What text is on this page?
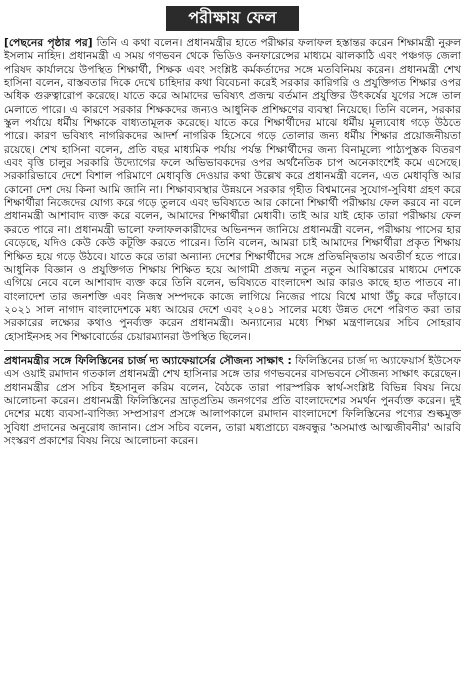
পরীক্ষায় ফেল

[পেছনের পৃষ্ঠার পর] তিনি এ কথা বলেন। প্রধানমন্ত্রীর হাতে পরীক্ষার ফলাফল হস্তান্তর করেন শিক্ষামন্ত্রী নুরুল ইসলাম নাহিদ। প্রধানমন্ত্রী এ সময় গণভবন থেকে ভিডিও কনফারেন্সের মাধ্যমে ঝালকাঠি এবং পঞ্চগড় জেলা পরিষদ কার্যালয়ে উপস্থিত শিক্ষার্থী, শিক্ষক এবং সংশ্লিষ্ট কর্মকর্তাদের সঙ্গে মতবিনিময় করেন। প্রধানমন্ত্রী শেখ হাসিনা বলেন, বাস্তবতার দিকে দেখে চাহিদার কথা বিবেচনা করেই সরকার কারিগরি ও প্রযুক্তিগত শিক্ষার ওপর অধিক গুরুত্বারোপ করেছে। যাতে করে আমাদের ভবিষ্যৎ প্রজন্ম বর্তমান প্রযুক্তির উৎকর্ষের যুগের সঙ্গে তাল মেলাতে পারে। এ কারণে সরকার শিক্ষকদের জন্যও আধুনিক প্রশিক্ষণের ব্যবস্থা নিয়েছে। তিনি বলেন, সরকার স্কুল পর্যায়ে ধর্মীয় শিক্ষাকে বাধ্যতামূলক করেছে। যাতে করে শিক্ষার্থীদের মাঝে ধর্মীয় মূল্যবোধ গড়ে উঠতে পারে। কারণ ভবিষ্যৎ নাগরিকদের আদর্শ নাগরিক হিসেবে গড়ে তোলার জন্য ধর্মীয় শিক্ষার প্রয়োজনীয়তা রয়েছে। শেখ হাসিনা বলেন, প্রতি বছর মাধ্যমিক পর্যায় পর্যন্ত শিক্ষার্থীদের জন্য বিনামূল্যে পাঠ্যপুস্তক বিতরণ এবং বৃত্তি চালুর সরকারি উদ্যোগের ফলে অভিভাবকদের ওপর অর্থনৈতিক চাপ অনেকাংশেই কমে এসেছে। সরকারিভাবে দেশে বিশাল পরিমাণে মেধাবৃত্তি দেওয়ার কথা উল্লেখ করে প্রধানমন্ত্রী বলেন, এত মেধাবৃত্তি আর কোনো দেশ দেয় কিনা আমি জানি না। শিক্ষাব্যবস্থার উন্নয়নে সরকার গৃহীত বিশ্বমানের সুযোগ-সুবিধা গ্রহণ করে শিক্ষার্থীরা নিজেদের যোগ্য করে গড়ে তুলবে এবং ভবিষ্যতে আর কোনো শিক্ষার্থী পরীক্ষায় ফেল করবে না বলে প্রধানমন্ত্রী আশাবাদ ব্যক্ত করে বলেন, আমাদের শিক্ষার্থীরা মেধাবী। তাই আর যাই হোক তারা পরীক্ষায় ফেল করতে পারে না। প্রধানমন্ত্রী ভালো ফলাফলকারীদের অভিনন্দন জানিয়ে প্রধানমন্ত্রী বলেন, পরীক্ষায় পাসের হার বেড়েছে, যদিও কেউ কেউ কটূক্তি করতে পারেন। তিনি বলেন, আমরা চাই আমাদের শিক্ষার্থীরা প্রকৃত শিক্ষায় শিক্ষিত হয়ে গড়ে উঠবে। যাতে করে তারা অন্যান্য দেশের শিক্ষার্থীদের সঙ্গে প্রতিদ্বন্দ্বিতায় অবতীর্ণ হতে পারে। আধুনিক বিজ্ঞান ও প্রযুক্তিগত শিক্ষায় শিক্ষিত হয়ে আগামী প্রজন্ম নতুন নতুন আবিষ্কারের মাধ্যমে দেশকে এগিয়ে নেবে বলে আশাবাদ ব্যক্ত করে তিনি বলেন, ভবিষ্যতে বাংলাদেশ আর কারও কাছে হাত পাতবে না। বাংলাদেশ তার জনশক্তি এবং নিজস্ব সম্পদকে কাজে লাগিয়ে নিজের পায়ে বিশ্বে মাথা উঁচু করে দাঁড়াবে। ২০২১ সাল নাগাদ বাংলাদেশকে মধ্য আয়ের দেশে এবং ২০৪১ সালের মধ্যে উন্নত দেশে পরিণত করা তার সরকারের লক্ষ্যের কথাও পুনর্ব্যক্ত করেন প্রধানমন্ত্রী। অন্যান্যের মধ্যে শিক্ষা মন্ত্রণালয়ের সচিব সোহরাব হোসাইনসহ সব শিক্ষাবোর্ডের চেয়ারম্যানরা উপস্থিত ছিলেন।

প্রধানমন্ত্রীর সঙ্গে ফিলিস্তিনের চার্জ দ্য অ্যাফেয়ার্সের সৌজন্য সাক্ষাৎ : ফিলিস্তিনের চার্জ দ্য অ্যাফেয়ার্স ইউসেফ এস ওয়াই রমাদান গতকাল প্রধানমন্ত্রী শেখ হাসিনার সঙ্গে তার গণভবনের বাসভবনে সৌজন্য সাক্ষাৎ করেছেন। প্রধানমন্ত্রীর প্রেস সচিব ইহসানুল করিম বলেন, বৈঠকে তারা পারস্পরিক স্বার্থ-সংশ্লিষ্ট বিভিন্ন বিষয় নিয়ে আলোচনা করেন। প্রধানমন্ত্রী ফিলিস্তিনের ভ্রাতৃপ্রতিম জনগণের প্রতি বাংলাদেশের সমর্থন পুনর্ব্যক্ত করেন। দুই দেশের মধ্যে ব্যবসা-বাণিজ্য সম্প্রসারণ প্রসঙ্গে আলাপকালে রমাদান বাংলাদেশে ফিলিস্তিনের পণ্যের শুল্কমুক্ত সুবিধা প্রদানের অনুরোধ জানান। প্রেস সচিব বলেন, তারা মধ্যপ্রাচ্যে বঙ্গবন্ধুর 'অসমাপ্ত আত্মজীবনীর' আরবি সংস্করণ প্রকাশের বিষয় নিয়ে আলোচনা করেন।
